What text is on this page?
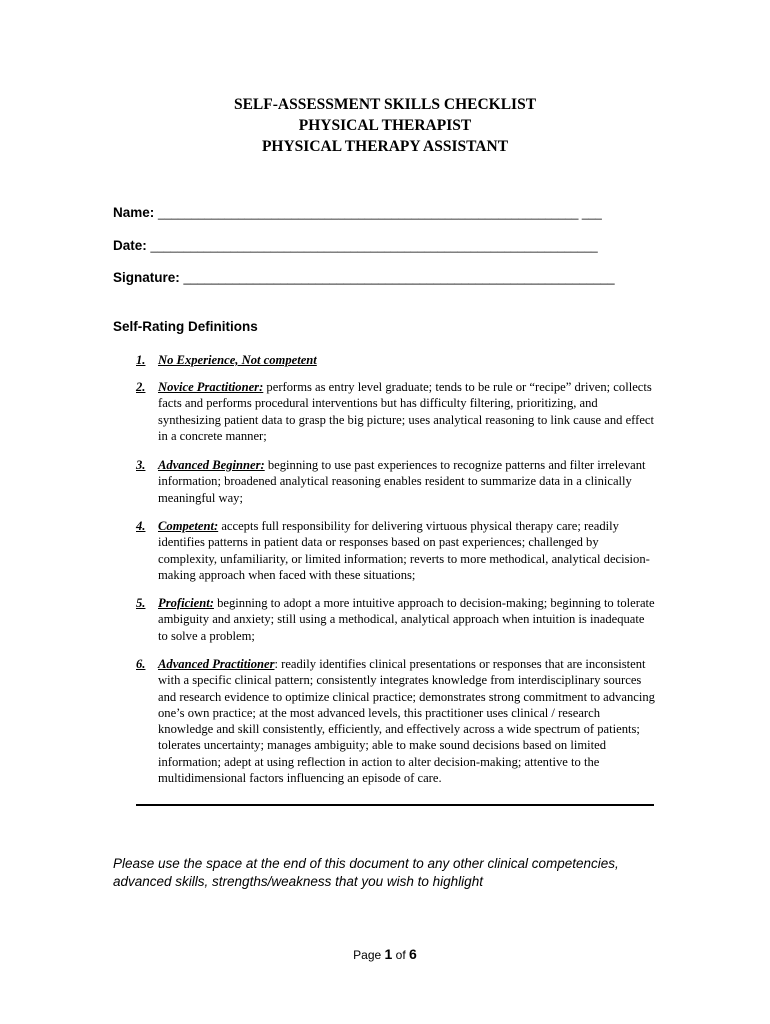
SELF-ASSESSMENT SKILLS CHECKLIST
PHYSICAL THERAPIST
PHYSICAL THERAPY ASSISTANT
Name: _______________________________________________________________ ___
Date: ___________________________________________________________________
Signature: ______________________________________________________________
Self-Rating Definitions
1. No Experience, Not competent
2. Novice Practitioner: performs as entry level graduate; tends to be rule or “recipe” driven; collects facts and performs procedural interventions but has difficulty filtering, prioritizing, and synthesizing patient data to grasp the big picture; uses analytical reasoning to link cause and effect in a concrete manner;
3. Advanced Beginner: beginning to use past experiences to recognize patterns and filter irrelevant information; broadened analytical reasoning enables resident to summarize data in a clinically meaningful way;
4. Competent: accepts full responsibility for delivering virtuous physical therapy care; readily identifies patterns in patient data or responses based on past experiences; challenged by complexity, unfamiliarity, or limited information; reverts to more methodical, analytical decision-making approach when faced with these situations;
5. Proficient: beginning to adopt a more intuitive approach to decision-making; beginning to tolerate ambiguity and anxiety; still using a methodical, analytical approach when intuition is inadequate to solve a problem;
6. Advanced Practitioner: readily identifies clinical presentations or responses that are inconsistent with a specific clinical pattern; consistently integrates knowledge from interdisciplinary sources and research evidence to optimize clinical practice; demonstrates strong commitment to advancing one’s own practice; at the most advanced levels, this practitioner uses clinical / research knowledge and skill consistently, efficiently, and effectively across a wide spectrum of patients; tolerates uncertainty; manages ambiguity; able to make sound decisions based on limited information; adept at using reflection in action to alter decision-making; attentive to the multidimensional factors influencing an episode of care.
Please use the space at the end of this document to any other clinical competencies, advanced skills, strengths/weakness that you wish to highlight
Page 1 of 6
